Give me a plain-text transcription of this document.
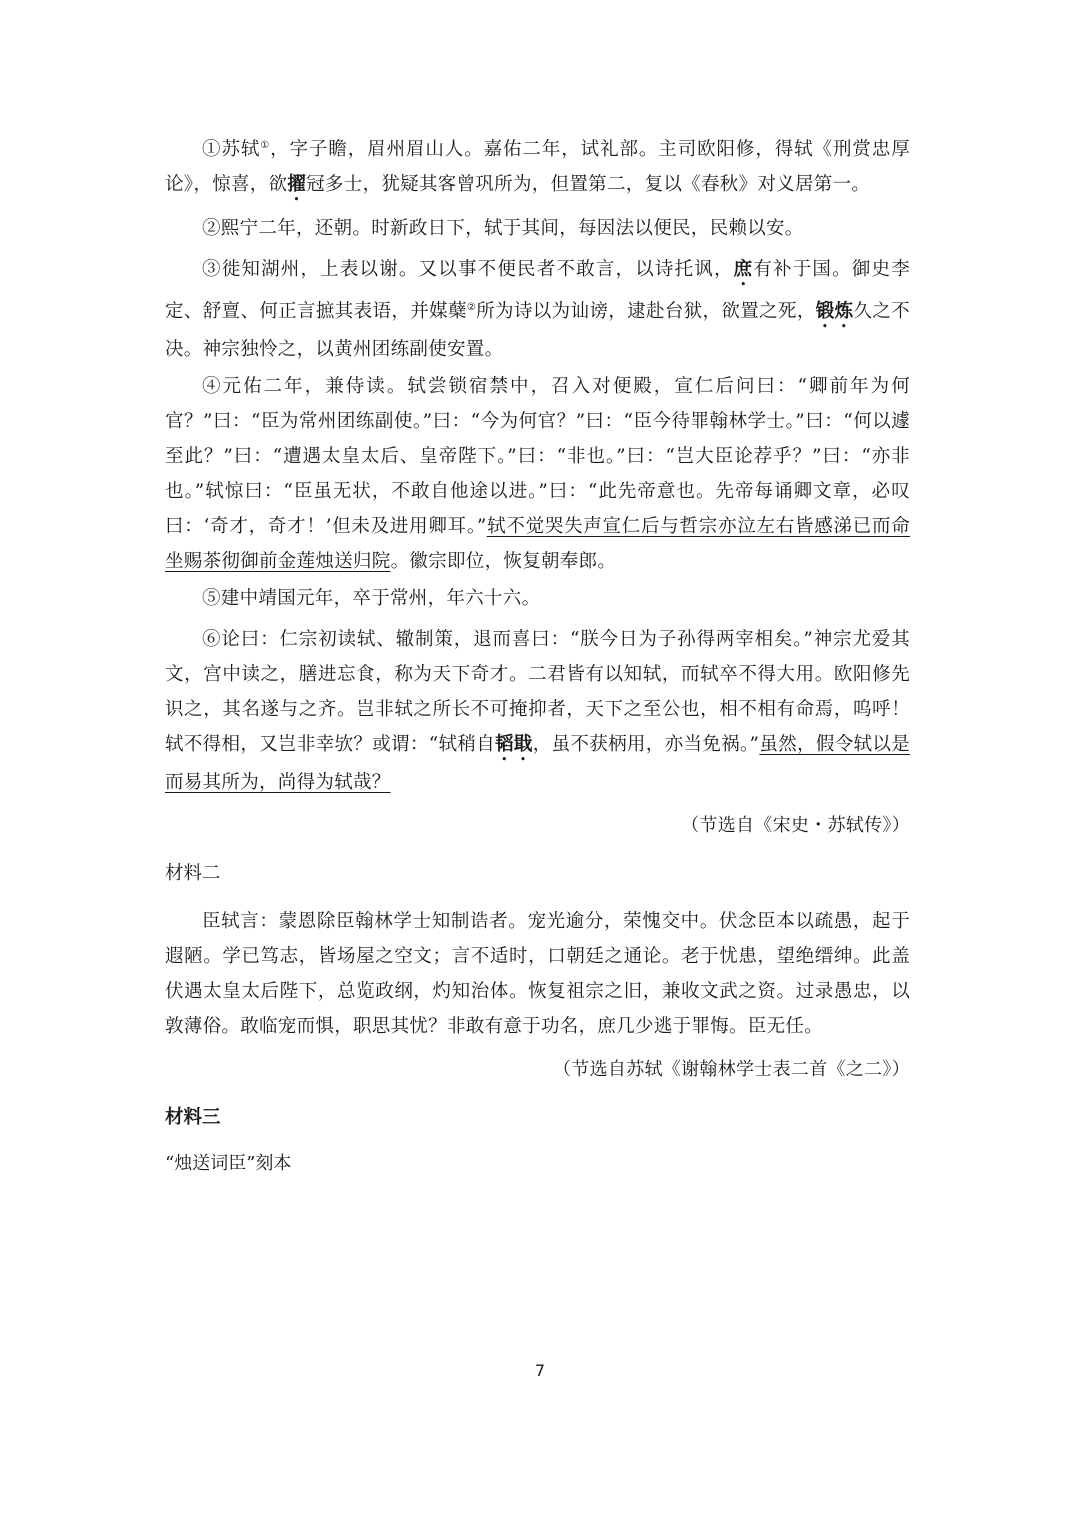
①苏轼①，字子瞻，眉州眉山人。嘉佑二年，试礼部。主司欧阳修，得轼《刑赏忠厚论》，惊喜，欲擢冠多士，犹疑其客曾巩所为，但置第二，复以《春秋》对义居第一。

②熙宁二年，还朝。时新政日下，轼于其间，每因法以便民，民赖以安。

③徙知湖州，上表以谢。又以事不便民者不敢言，以诗托讽，庶有补于国。御史李定、舒亶、何正言摭其表语，并媒蘖②所为诗以为讪谤，逮赴台狱，欲置之死，锻炼久之不决。神宗独怜之，以黄州团练副使安置。

④元佑二年，兼侍读。轼尝锁宿禁中，召入对便殿，宣仁后问曰：“卿前年为何官？”曰：“臣为常州团练副使。”曰：“今为何官？”曰：“臣今待罪翰林学士。”曰：“何以遽至此？”曰：“遭遇太皇太后、皇帝陛下。”曰：“非也。”曰：“岂大臣论荐乎？”曰：“亦非也。”轼惊曰：“臣虽无状，不敢自他途以进。”曰：“此先帝意也。先帝每诵卿文章，必叹曰：‘奇才，奇才！’但未及进用卿耳。”轼不觉哭失声宣仁后与哲宗亦泣左右皆感涕已而命坐赐茶彻御前金莲烛送归院。徽宗即位，恢复朝奉郎。

⑤建中靖国元年，卒于常州，年六十六。

⑥论曰：仁宗初读轼、辙制策，退而喜曰：“朕今日为子孙得两宰相矣。”神宗尤爱其文，宫中读之，膳进忘食，称为天下奇才。二君皆有以知轼，而轼卒不得大用。欧阳修先识之，其名遂与之齐。岂非轼之所长不可掩抑者，天下之至公也，相不相有命焉，呜呼！轼不得相，又岂非幸欤？或谓：“轼稍自韬戢，虽不获柄用，亦当免祸。”虽然，假令轼以是而易其所为，尚得为轼哉？

（节选自《宋史・苏轼传》）
材料二

臣轼言：蒙恩除臣翰林学士知制诰者。宠光逾分，荣愧交中。伏念臣本以疏愚，起于遐陋。学已笃志，皆场屋之空文；言不适时，口朝廷之通论。老于忧患，望绝缙绅。此盖伏遇太皇太后陛下，总览政纲，灼知治体。恢复祖宗之旧，兼收文武之资。过录愚忠，以敦薄俗。敢临宠而惧，职思其忧？非敢有意于功名，庶几少逃于罪悔。臣无任。

（节选自苏轼《谢翰林学士表二首《之二》）
材料三

“烛送词臣”刻本

7
